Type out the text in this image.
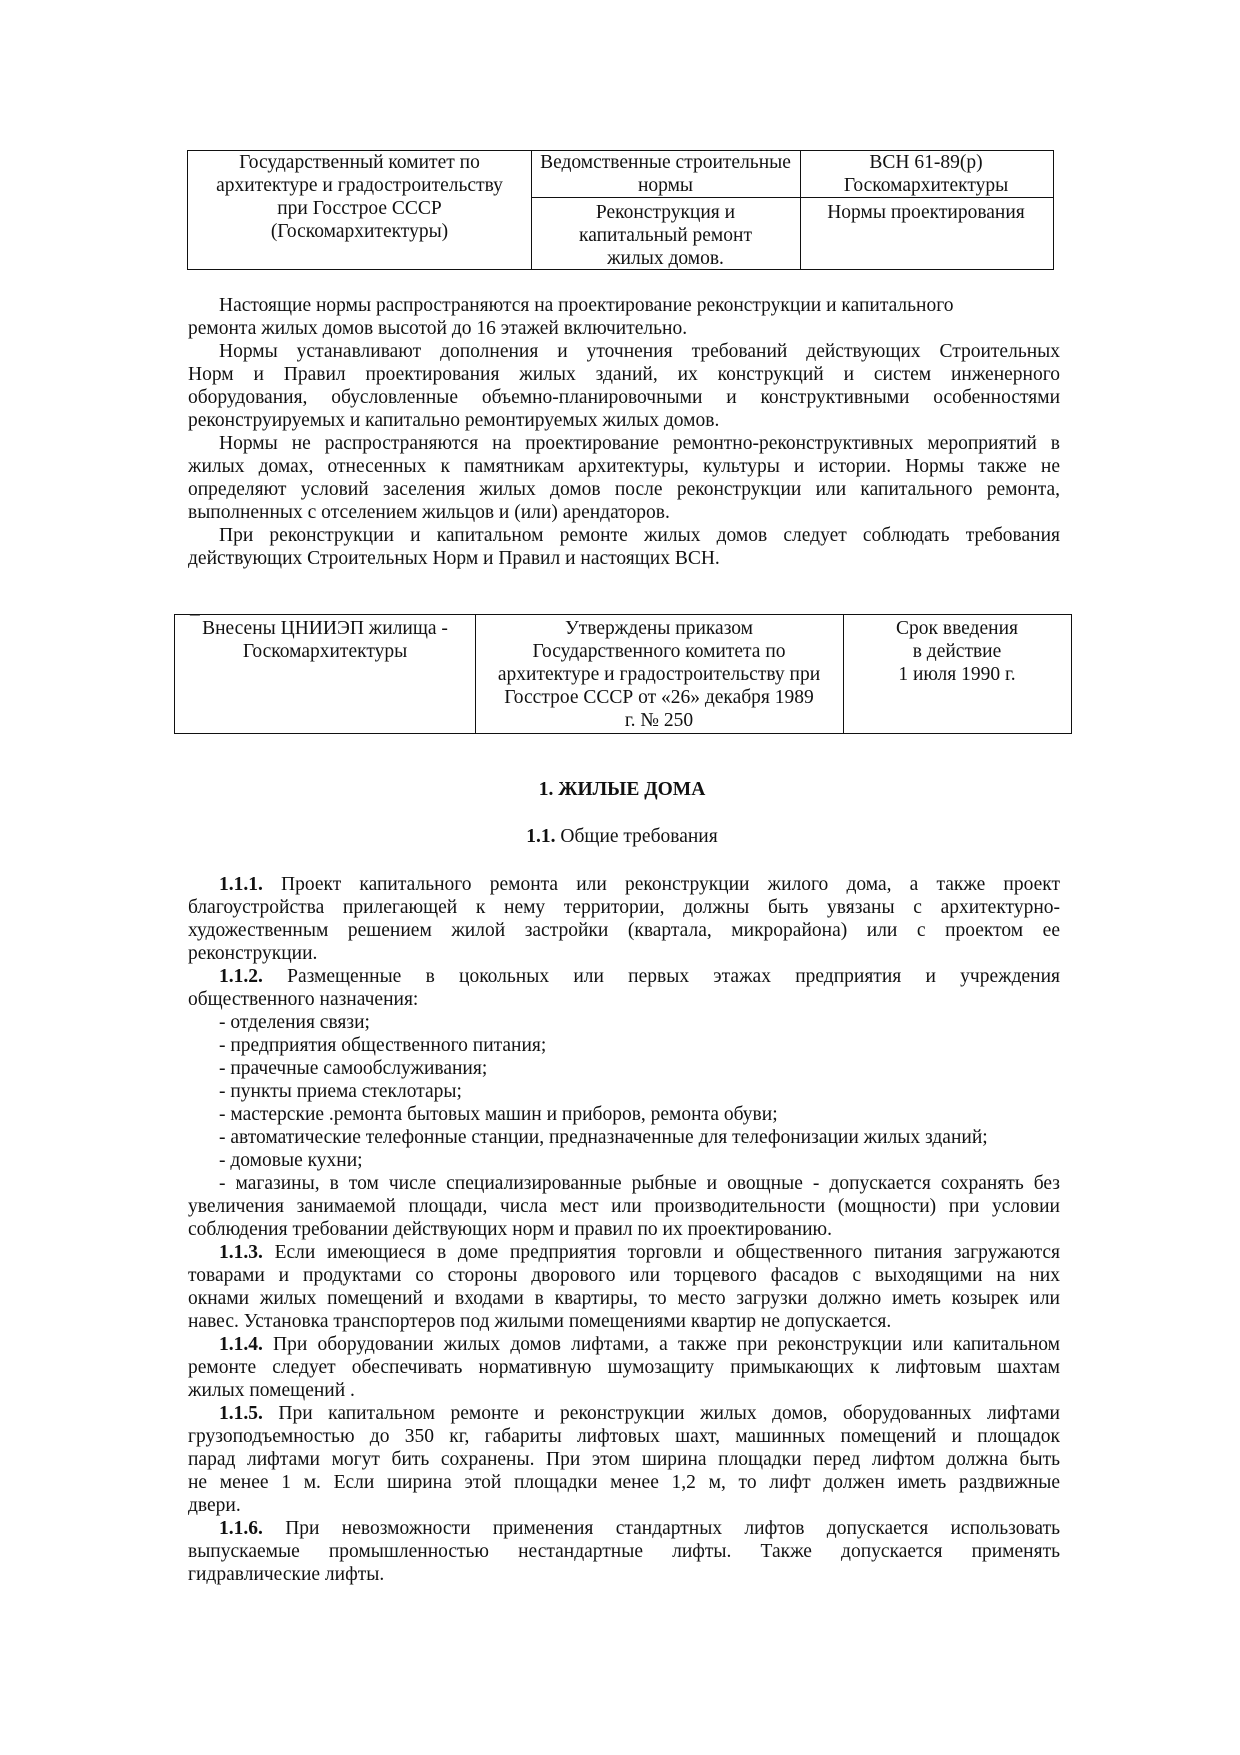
Государственный комитет по
архитектуре и градостроительству
при Госстрое СССР
(Госкомархитектуры)
Ведомственные строительные
нормы
Реконструкция и
капитальный ремонт
жилых домов.
ВСН 61-89(р)
Госкомархитектуры
Нормы проектирования
Настоящие нормы распространяются на проектирование реконструкции и капитального
ремонта жилых домов высотой до 16 этажей включительно.
Нормы устанавливают дополнения и уточнения требований действующих Строительных
Норм и Правил проектирования жилых зданий, их конструкций и систем инженерного
оборудования, обусловленные объемно-планировочными и конструктивными особенностями
реконструируемых и капитально ремонтируемых жилых домов.
Нормы не распространяются на проектирование ремонтно-реконструктивных мероприятий в
жилых домах, отнесенных к памятникам архитектуры, культуры и истории. Нормы также не
определяют условий заселения жилых домов после реконструкции или капитального ремонта,
выполненных с отселением жильцов и (или) арендаторов.
При реконструкции и капитальном ремонте жилых домов следует соблюдать требования
действующих Строительных Норм и Правил и настоящих ВСН.
_
Внесены ЦНИИЭП жилища -
Госкомархитектуры
Утверждены приказом
Государственного комитета по
архитектуре и градостроительству при
Госстрое СССР от «26» декабря 1989
г. № 250
Срок введения
в действие
1 июля 1990 г.
1. ЖИЛЫЕ ДОМА
1.1. Общие требования
1.1.1. Проект капитального ремонта или реконструкции жилого дома, а также проект
благоустройства прилегающей к нему территории, должны быть увязаны с архитектурно-
художественным решением жилой застройки (квартала, микрорайона) или с проектом ее
реконструкции.
1.1.2. Размещенные в цокольных или первых этажах предприятия и учреждения
общественного назначения:
- отделения связи;
- предприятия общественного питания;
- прачечные самообслуживания;
- пункты приема стеклотары;
- мастерские .ремонта бытовых машин и приборов, ремонта обуви;
- автоматические телефонные станции, предназначенные для телефонизации жилых зданий;
- домовые кухни;
- магазины, в том числе специализированные рыбные и овощные - допускается сохранять без
увеличения занимаемой площади, числа мест или производительности (мощности) при условии
соблюдения требовании действующих норм и правил по их проектированию.
1.1.3. Если имеющиеся в доме предприятия торговли и общественного питания загружаются
товарами и продуктами со стороны дворового или торцевого фасадов с выходящими на них
окнами жилых помещений и входами в квартиры, то место загрузки должно иметь козырек или
навес. Установка транспортеров под жилыми помещениями квартир не допускается.
1.1.4. При оборудовании жилых домов лифтами, а также при реконструкции или капитальном
ремонте следует обеспечивать нормативную шумозащиту примыкающих к лифтовым шахтам
жилых помещений .
1.1.5. При капитальном ремонте и реконструкции жилых домов, оборудованных лифтами
грузоподъемностью до 350 кг, габариты лифтовых шахт, машинных помещений и площадок
парад лифтами могут бить сохранены. При этом ширина площадки перед лифтом должна быть
не менее 1 м. Если ширина этой площадки менее 1,2 м, то лифт должен иметь раздвижные
двери.
1.1.6. При невозможности применения стандартных лифтов допускается использовать
выпускаемые промышленностью нестандартные лифты. Также допускается применять
гидравлические лифты.
